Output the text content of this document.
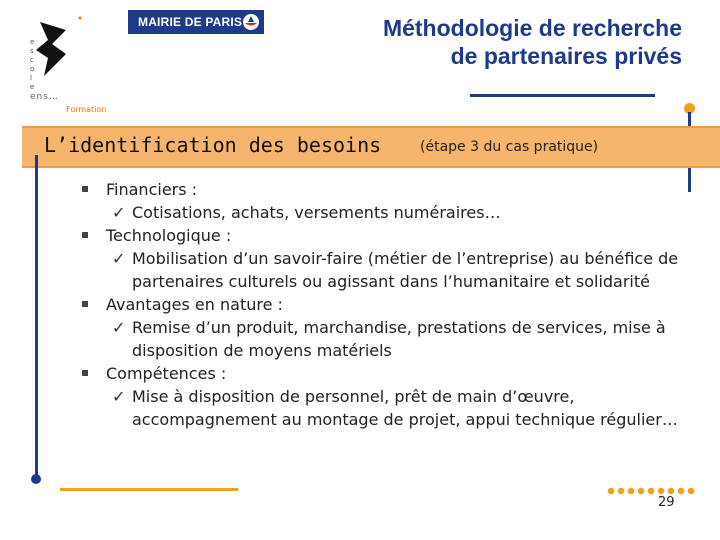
e
s
c
o
l
e
ens…
Formation
MAIRIE DE PARIS	Méthodologie de recherche
de partenaires privés
L’identification des besoins	(étape 3 du cas pratique)
Financiers :
✓ Cotisations, achats, versements numéraires…
Technologique :
✓ Mobilisation d’un savoir-faire (métier de l’entreprise) au bénéfice de partenaires culturels ou agissant dans l’humanitaire et solidarité
Avantages en nature :
✓ Remise d’un produit, marchandise, prestations de services, mise à disposition de moyens matériels
Compétences :
✓ Mise à disposition de personnel, prêt de main d’œuvre, accompagnement au montage de projet, appui technique régulier…
29
